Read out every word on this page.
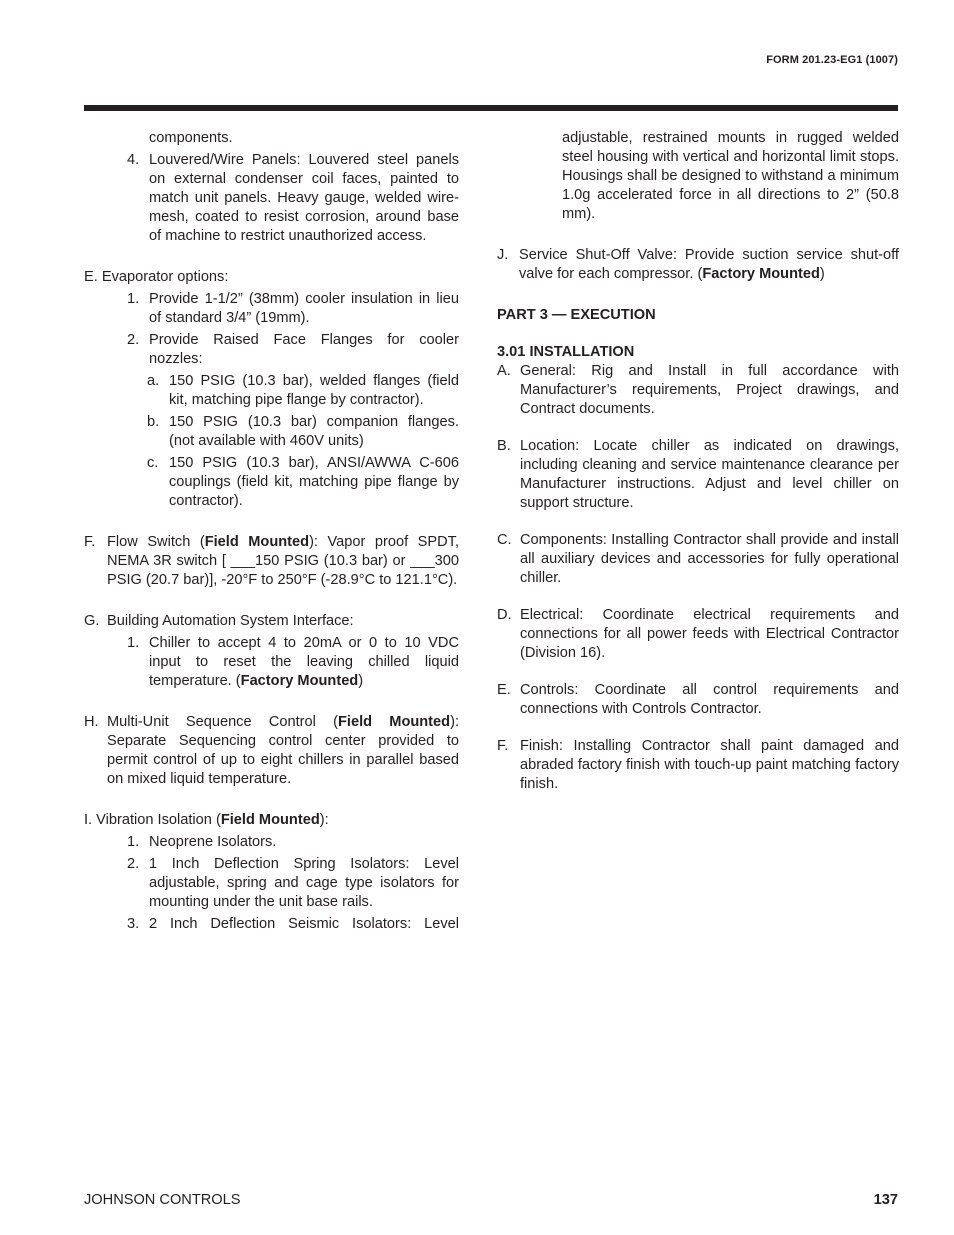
FORM 201.23-EG1 (1007)

components.

4. Louvered/Wire Panels: Louvered steel panels on external condenser coil faces, painted to match unit panels. Heavy gauge, welded wire-mesh, coated to resist corrosion, around base of machine to restrict unauthorized access.

E. Evaporator options:

1. Provide 1-1/2” (38mm) cooler insulation in lieu of standard 3/4” (19mm).

2. Provide Raised Face Flanges for cooler nozzles:

a. 150 PSIG (10.3 bar), welded flanges (field kit, matching pipe flange by contractor).

b. 150 PSIG (10.3 bar) companion flanges. (not available with 460V units)

c. 150 PSIG (10.3 bar), ANSI/AWWA C-606 couplings (field kit, matching pipe flange by contractor).

F. Flow Switch (Field Mounted): Vapor proof SPDT, NEMA 3R switch [ ___150 PSIG (10.3 bar) or ___300 PSIG (20.7 bar)], -20°F to 250°F (-28.9°C to 121.1°C).

G. Building Automation System Interface:

1. Chiller to accept 4 to 20mA or 0 to 10 VDC input to reset the leaving chilled liquid temperature. (Factory Mounted)

H. Multi-Unit Sequence Control (Field Mounted): Separate Sequencing control center provided to permit control of up to eight chillers in parallel based on mixed liquid temperature.

I. Vibration Isolation (Field Mounted):

1. Neoprene Isolators.

2. 1 Inch Deflection Spring Isolators: Level adjustable, spring and cage type isolators for mounting under the unit base rails.

3. 2 Inch Deflection Seismic Isolators: Level

adjustable, restrained mounts in rugged welded steel housing with vertical and horizontal limit stops. Housings shall be designed to withstand a minimum 1.0g accelerated force in all directions to 2” (50.8 mm).

J. Service Shut-Off Valve: Provide suction service shut-off valve for each compressor. (Factory Mounted)

PART 3 — EXECUTION

3.01 INSTALLATION

A. General: Rig and Install in full accordance with Manufacturer’s requirements, Project drawings, and Contract documents.

B. Location: Locate chiller as indicated on drawings, including cleaning and service maintenance clearance per Manufacturer instructions. Adjust and level chiller on support structure.

C. Components: Installing Contractor shall provide and install all auxiliary devices and accessories for fully operational chiller.

D. Electrical: Coordinate electrical requirements and connections for all power feeds with Electrical Contractor (Division 16).

E. Controls: Coordinate all control requirements and connections with Controls Contractor.

F. Finish: Installing Contractor shall paint damaged and abraded factory finish with touch-up paint matching factory finish.

JOHNSON CONTROLS	137
